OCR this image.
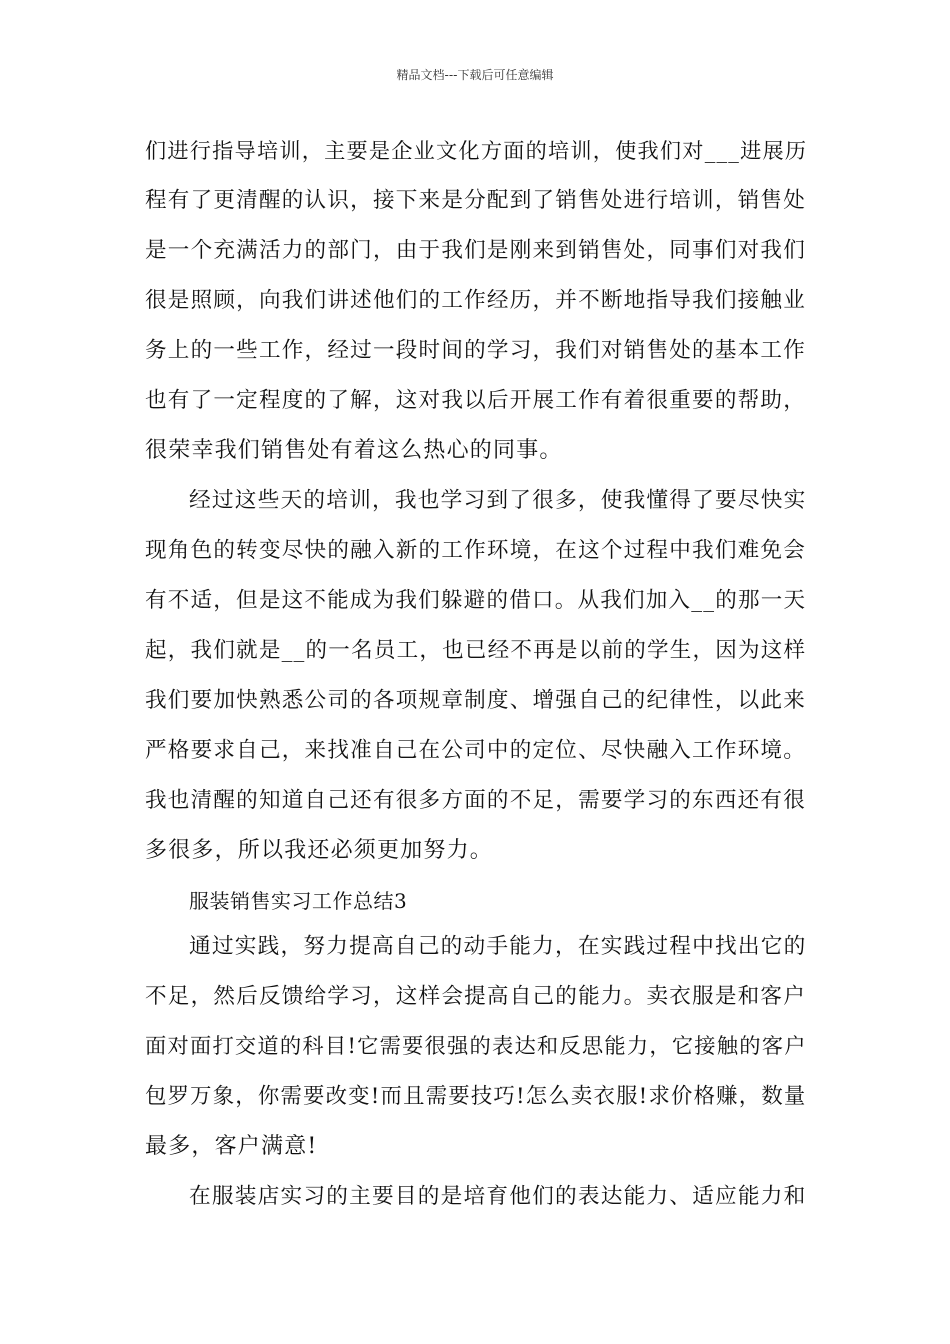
精品文档---下载后可任意编辑
们进行指导培训，主要是企业文化方面的培训，使我们对___进展历
程有了更清醒的认识，接下来是分配到了销售处进行培训，销售处
是一个充满活力的部门，由于我们是刚来到销售处，同事们对我们
很是照顾，向我们讲述他们的工作经历，并不断地指导我们接触业
务上的一些工作，经过一段时间的学习，我们对销售处的基本工作
也有了一定程度的了解，这对我以后开展工作有着很重要的帮助，
很荣幸我们销售处有着这么热心的同事。
经过这些天的培训，我也学习到了很多，使我懂得了要尽快实
现角色的转变尽快的融入新的工作环境，在这个过程中我们难免会
有不适，但是这不能成为我们躲避的借口。从我们加入__的那一天
起，我们就是__的一名员工，也已经不再是以前的学生，因为这样
我们要加快熟悉公司的各项规章制度、增强自己的纪律性，以此来
严格要求自己，来找准自己在公司中的定位、尽快融入工作环境。
我也清醒的知道自己还有很多方面的不足，需要学习的东西还有很
多很多，所以我还必须更加努力。
服装销售实习工作总结3
通过实践，努力提高自己的动手能力，在实践过程中找出它的
不足，然后反馈给学习，这样会提高自己的能力。卖衣服是和客户
面对面打交道的科目!它需要很强的表达和反思能力，它接触的客户
包罗万象，你需要改变!而且需要技巧!怎么卖衣服!求价格赚，数量
最多，客户满意!
在服装店实习的主要目的是培育他们的表达能力、适应能力和
